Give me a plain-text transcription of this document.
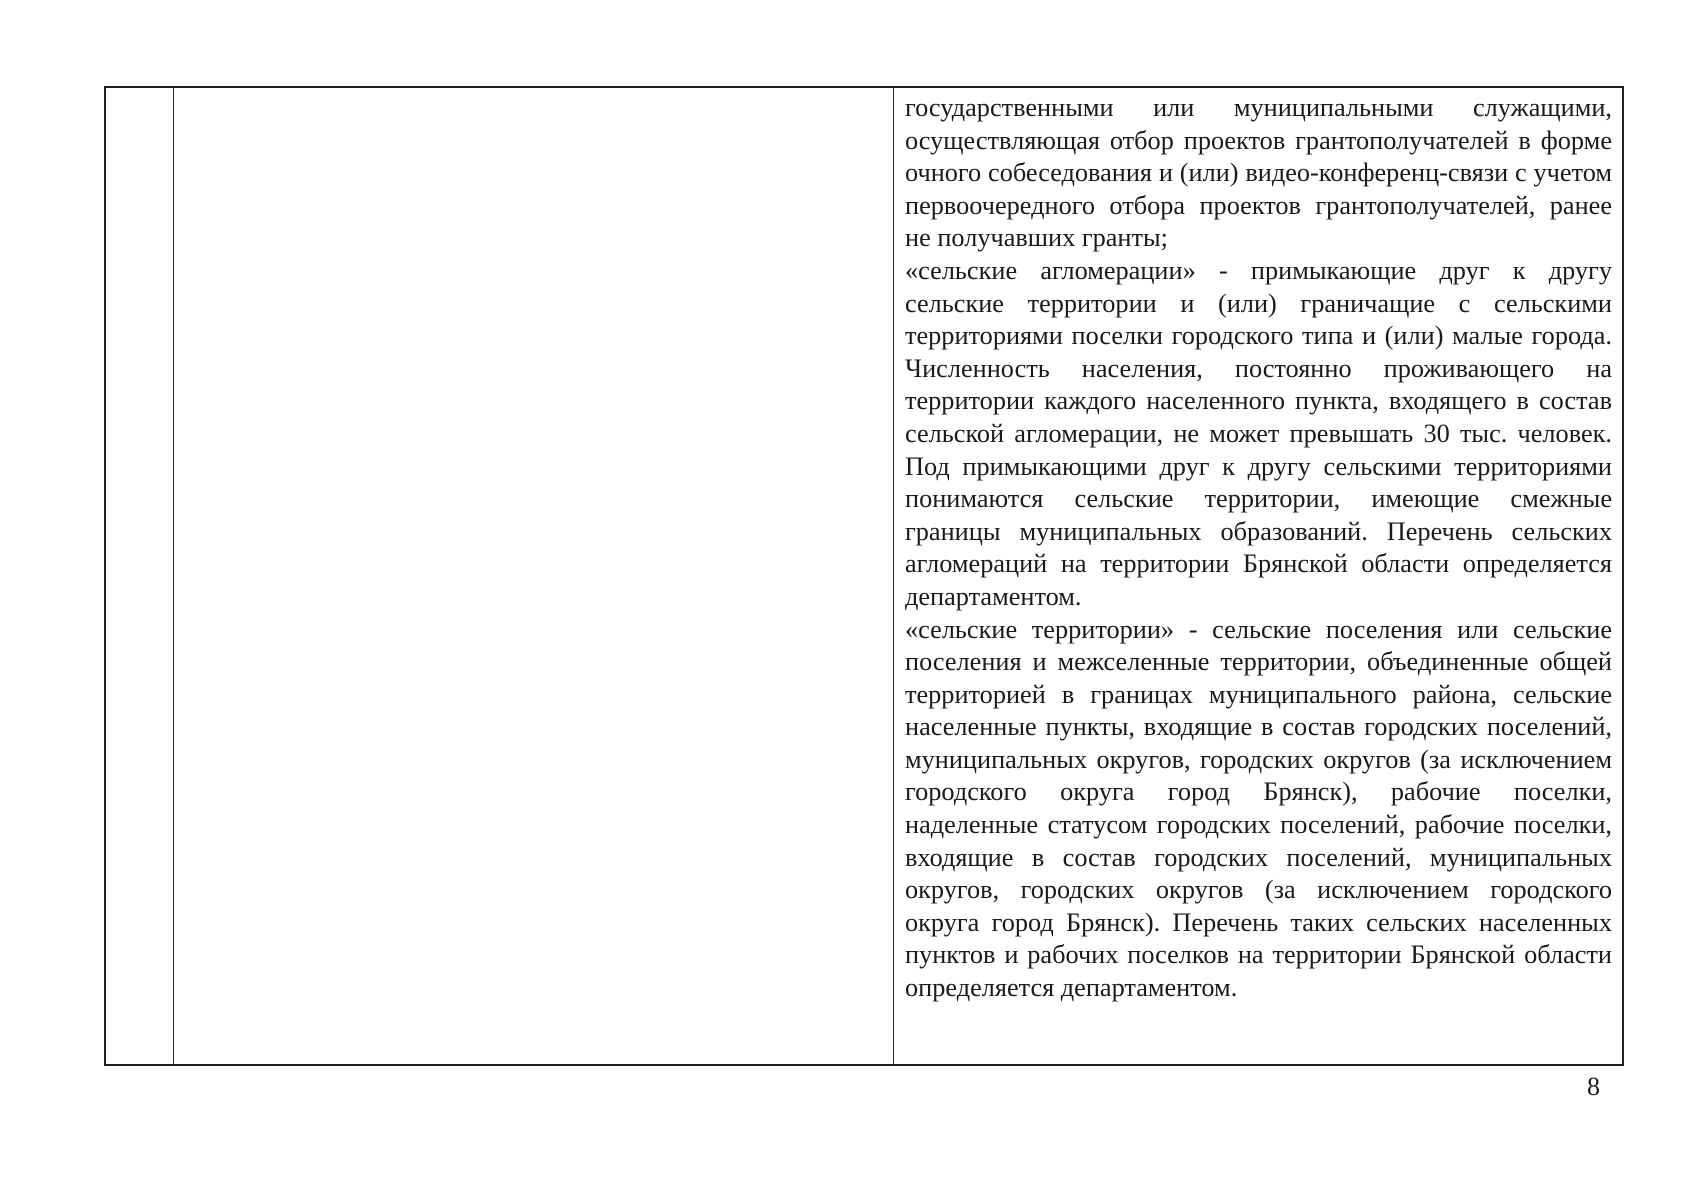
государственными или муниципальными служащими, осуществляющая отбор проектов грантополучателей в форме очного собеседования и (или) видео-конференц-связи с учетом первоочередного отбора проектов грантополучателей, ранее не получавших гранты;

«сельские агломерации» - примыкающие друг к другу сельские территории и (или) граничащие с сельскими территориями поселки городского типа и (или) малые города. Численность населения, постоянно проживающего на территории каждого населенного пункта, входящего в состав сельской агломерации, не может превышать 30 тыс. человек. Под примыкающими друг к другу сельскими территориями понимаются сельские территории, имеющие смежные границы муниципальных образований. Перечень сельских агломераций на территории Брянской области определяется департаментом.

«сельские территории» - сельские поселения или сельские поселения и межселенные территории, объединенные общей территорией в границах муниципального района, сельские населенные пункты, входящие в состав городских поселений, муниципальных округов, городских округов (за исключением городского округа город Брянск), рабочие поселки, наделенные статусом городских поселений, рабочие поселки, входящие в состав городских поселений, муниципальных округов, городских округов (за исключением городского округа город Брянск). Перечень таких сельских населенных пунктов и рабочих поселков на территории Брянской области определяется департаментом.

8
